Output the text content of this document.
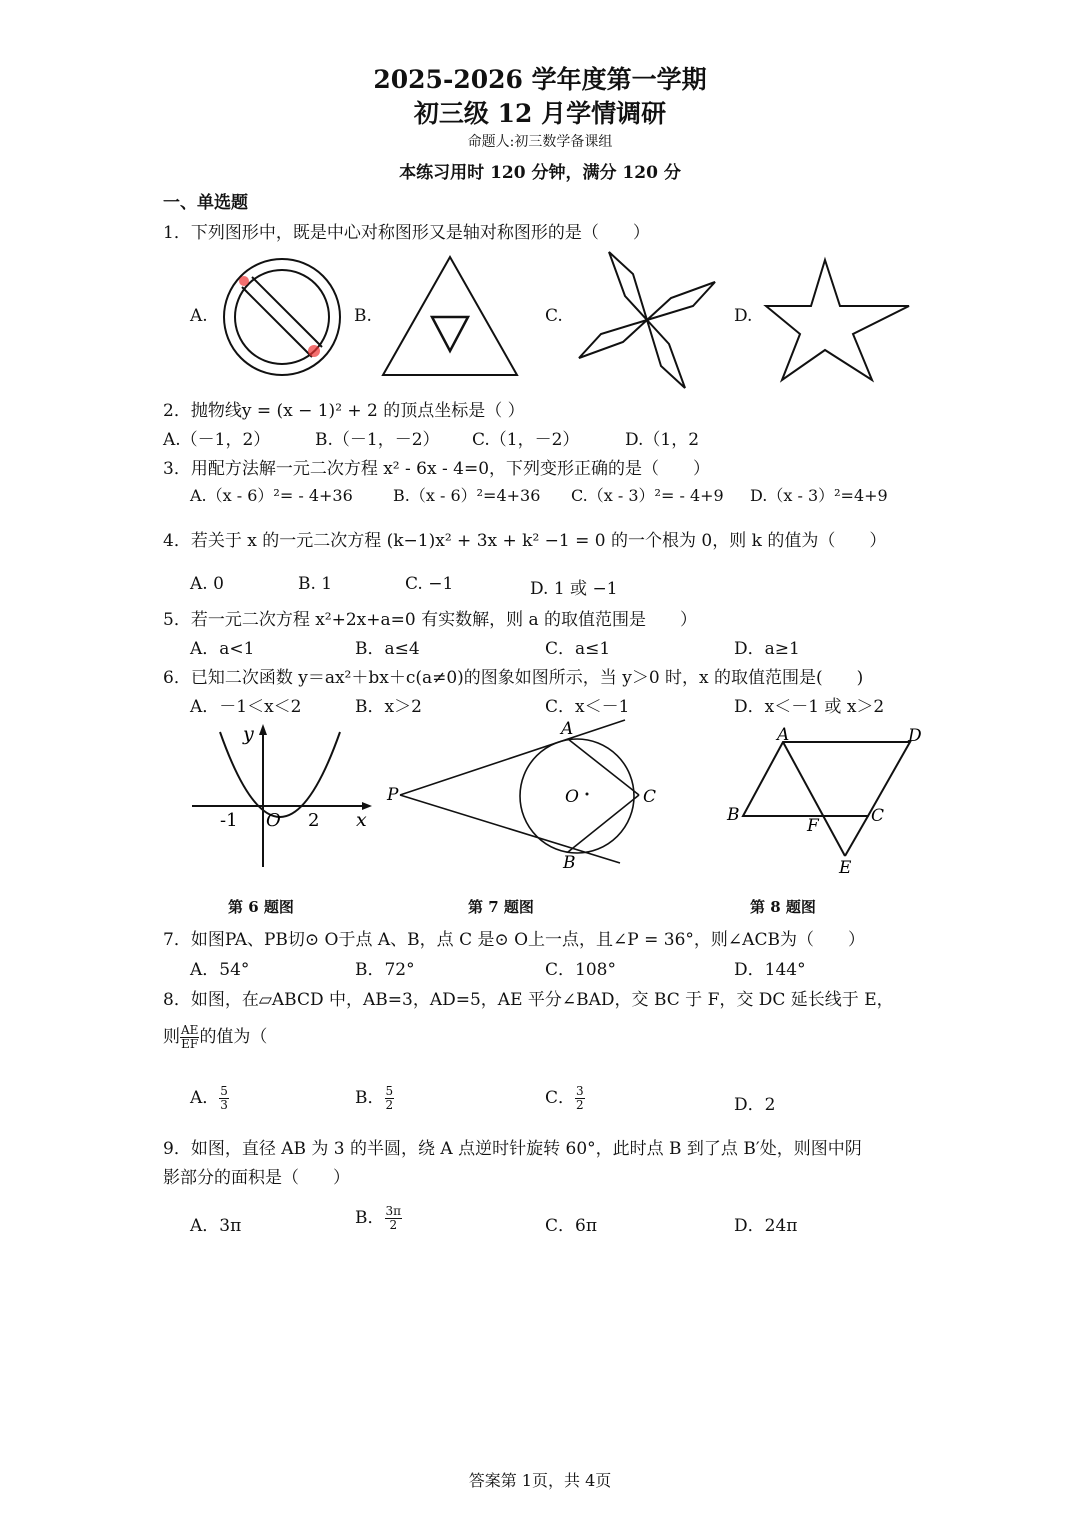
2025-2026 学年度第一学期
初三级 12 月学情调研
命题人:初三数学备课组
本练习用时 120 分钟，满分 120 分
一、单选题
1．下列图形中，既是中心对称图形又是轴对称图形的是（　　）
A.	B.	C.	D.
2．抛物线y = (x − 1)² + 2 的顶点坐标是（ ）
A.（－1，2）	B.（－1，－2） C.（1，－2）	D.（1，2
3．用配方法解一元二次方程 x² - 6x - 4=0，下列变形正确的是（　　）
A.（x - 6）²= - 4+36	B.（x - 6）²=4+36 C.（x - 3）²= - 4+9 D.（x - 3）²=4+9
4．若关于 x 的一元二次方程 (k−1)x² + 3x + k² −1 = 0 的一个根为 0，则 k 的值为（　　）
A. 0	B. 1	C. −1	D. 1 或 −1
5．若一元二次方程 x²+2x+a=0 有实数解，则 a 的取值范围是　　）
A．a<1	B．a≤4	C．a≤1	D．a≥1
6．已知二次函数 y＝ax²＋bx＋c(a≠0)的图象如图所示，当 y＞0 时，x 的取值范围是(　　)
A．－1＜x＜2	B．x＞2	C．x＜－1	D．x＜－1 或 x＞2
y
x
-1 O 2
第 6 题图
P
A
B
C
O
第 7 题图
A	D
B
F	C
E
第 8 题图
7．如图PA、PB切⊙ O于点 A、B，点 C 是⊙ O上一点，且∠P = 36°，则∠ACB为（　　）
A．54°	B．72°	C．108°	D．144°
8．如图，在▱ABCD 中，AB=3，AD=5，AE 平分∠BAD，交 BC 于 F，交 DC 延长线于 E，
则 $\frac{AE}{EF}$ 的值为（
A． $\frac{5}{3}$	B． $\frac{5}{2}$	C． $\frac{3}{2}$	D．2
9．如图，直径 AB 为 3 的半圆，绕 A 点逆时针旋转 60°，此时点 B 到了点 B′处，则图中阴
影部分的面积是（　　）
A．3π	B． $\frac{3\pi}{2}$	C．6π	D．24π
答案第 1页，共 4页
